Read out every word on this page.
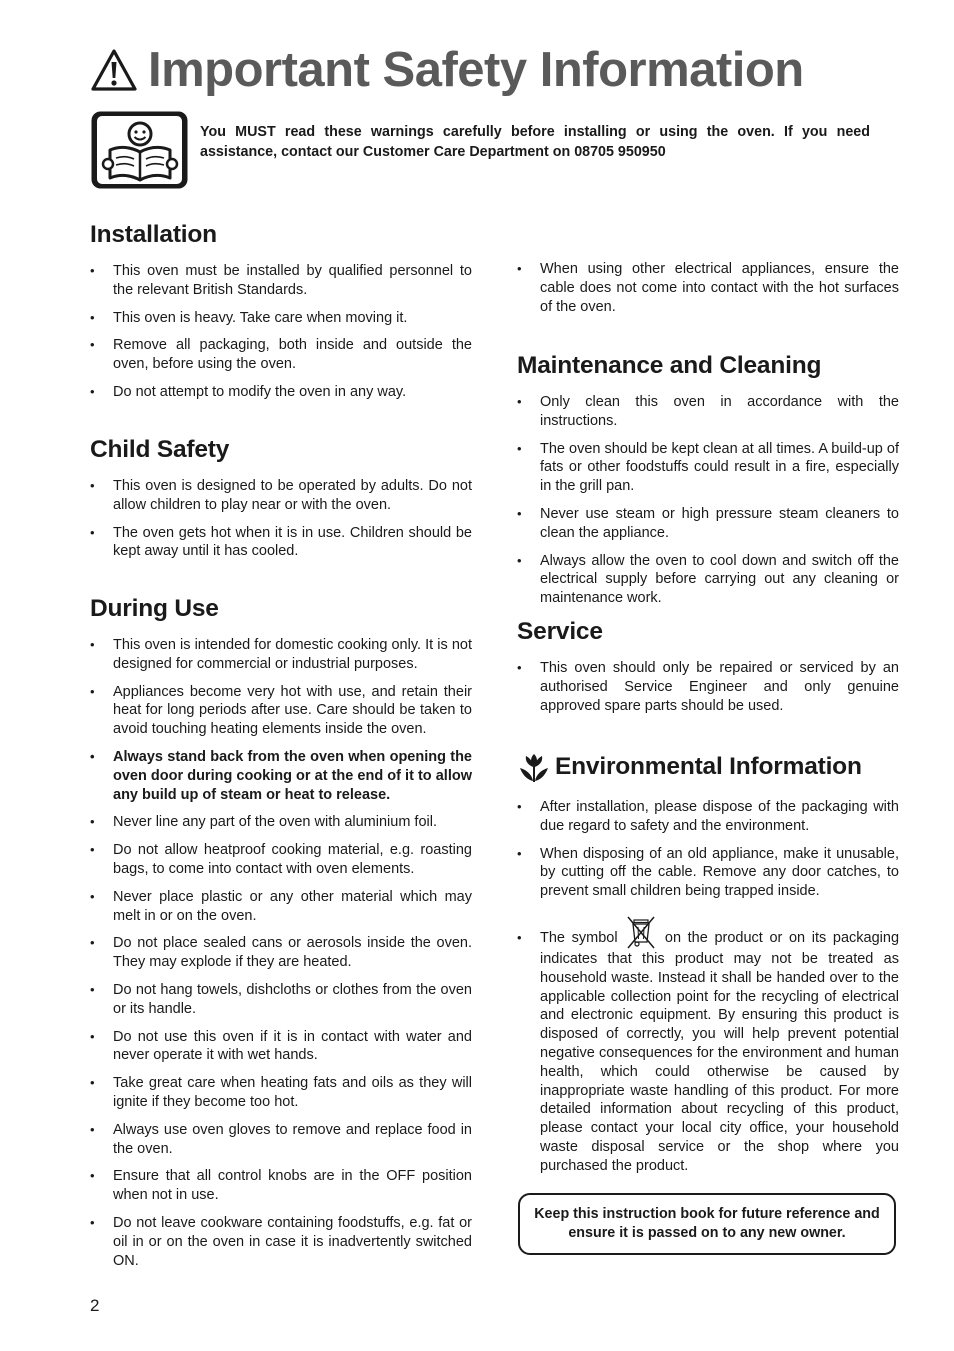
Important Safety Information
You MUST read these warnings carefully before installing or using the oven. If you need assistance, contact our Customer Care Department on 08705 950950
Installation
• This oven must be installed by qualified personnel to the relevant British Standards.
• This oven is heavy. Take care when moving it.
• Remove all packaging, both inside and outside the oven, before using the oven.
• Do not attempt to modify the oven in any way.
Child Safety
• This oven is designed to be operated by adults. Do not allow children to play near or with the oven.
• The oven gets hot when it is in use. Children should be kept away until it has cooled.
During Use
• This oven is intended for domestic cooking only. It is not designed for commercial or industrial purposes.
• Appliances become very hot with use, and retain their heat for long periods after use. Care should be taken to avoid touching heating elements inside the oven.
• Always stand back from the oven when opening the oven door during cooking or at the end of it to allow any build up of steam or heat to release.
• Never line any part of the oven with aluminium foil.
• Do not allow heatproof cooking material, e.g. roasting bags, to come into contact with oven elements.
• Never place plastic or any other material which may melt in or on the oven.
• Do not place sealed cans or aerosols inside the oven. They may explode if they are heated.
• Do not hang towels, dishcloths or clothes from the oven or its handle.
• Do not use this oven if it is in contact with water and never operate it with wet hands.
• Take great care when heating fats and oils as they will ignite if they become too hot.
• Always use oven gloves to remove and replace food in the oven.
• Ensure that all control knobs are in the OFF position when not in use.
• Do not leave cookware containing foodstuffs, e.g. fat or oil in or on the oven in case it is inadvertently switched ON.
• When using other electrical appliances, ensure the cable does not come into contact with the hot surfaces of the oven.
Maintenance and Cleaning
• Only clean this oven in accordance with the instructions.
• The oven should be kept clean at all times. A build-up of fats or other foodstuffs could result in a fire, especially in the grill pan.
• Never use steam or high pressure steam cleaners to clean the appliance.
• Always allow the oven to cool down and switch off the electrical supply before carrying out any cleaning or maintenance work.
Service
• This oven should only be repaired or serviced by an authorised Service Engineer and only genuine approved spare parts should be used.
Environmental Information
• After installation, please dispose of the packaging with due regard to safety and the environment.
• When disposing of an old appliance, make it unusable, by cutting off the cable. Remove any door catches, to prevent small children being trapped inside.
• The symbol	on the product or on its packaging indicates that this product may not be treated as household waste. Instead it shall be handed over to the applicable collection point for the recycling of electrical and electronic equipment. By ensuring this product is disposed of correctly, you will help prevent potential negative consequences for the environment and human health, which could otherwise be caused by inappropriate waste handling of this product. For more detailed information about recycling of this product, please contact your local city office, your household waste disposal service or the shop where you purchased the product.
Keep this instruction book for future reference and ensure it is passed on to any new owner.
2
